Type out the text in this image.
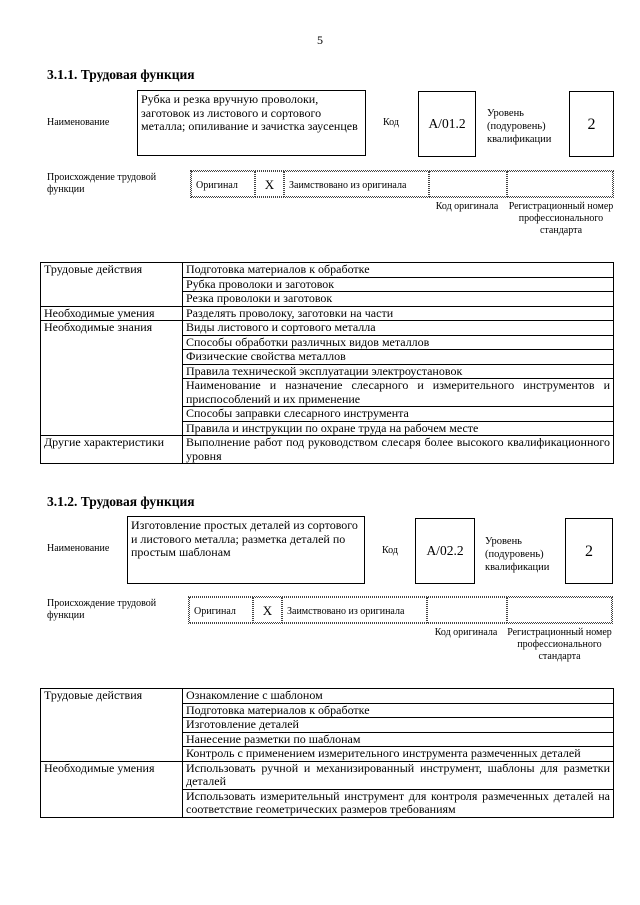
5
3.1.1. Трудовая функция
Наименование
Рубка и резка вручную проволоки, заготовок из листового и сортового металла; опиливание и зачистка заусенцев	Код	A/01.2
Уровень (подуровень) квалификации
2
Происхождение трудовой функции	Оригинал	X	Заимствовано из оригинала
Код оригинала	Регистрационный номер профессионального стандарта
Трудовые действия	Подготовка материалов к обработке
	Рубка проволоки и заготовок
	Резка проволоки и заготовок
Необходимые умения	Разделять проволоку, заготовки на части
Необходимые знания	Виды листового и сортового металла
	Способы обработки различных видов металлов
	Физические свойства металлов
	Правила технической эксплуатации электроустановок
	Наименование и назначение слесарного и измерительного инструментов и приспособлений и их применение
	Способы заправки слесарного инструмента
	Правила и инструкции по охране труда на рабочем месте
Другие характеристики	Выполнение работ под руководством слесаря более высокого квалификационного уровня
3.1.2. Трудовая функция
Наименование
Изготовление простых деталей из сортового и листового металла; разметка деталей по простым шаблонам	Код	A/02.2
Уровень (подуровень) квалификации
2
Происхождение трудовой функции	Оригинал	X	Заимствовано из оригинала
Код оригинала Регистрационный номер профессионального стандарта
Трудовые действия	Ознакомление с шаблоном
	Подготовка материалов к обработке
	Изготовление деталей
	Нанесение разметки по шаблонам
	Контроль с применением измерительного инструмента размеченных деталей
Необходимые умения	Использовать ручной и механизированный инструмент, шаблоны для разметки деталей
	Использовать измерительный инструмент для контроля размеченных деталей на соответствие геометрических размеров требованиям
